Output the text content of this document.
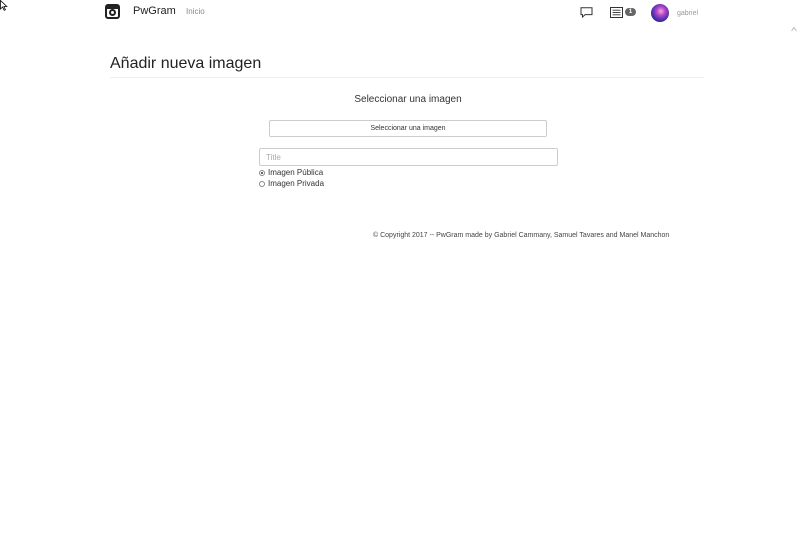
PwGram Inicio	1	gabriel
Añadir nueva imagen
Seleccionar una imagen
Seleccionar una imagen
Title
Imagen Pública
Imagen Privada
© Copyright 2017 -- PwGram made by Gabriel Cammany, Samuel Tavares and Manel Manchon
